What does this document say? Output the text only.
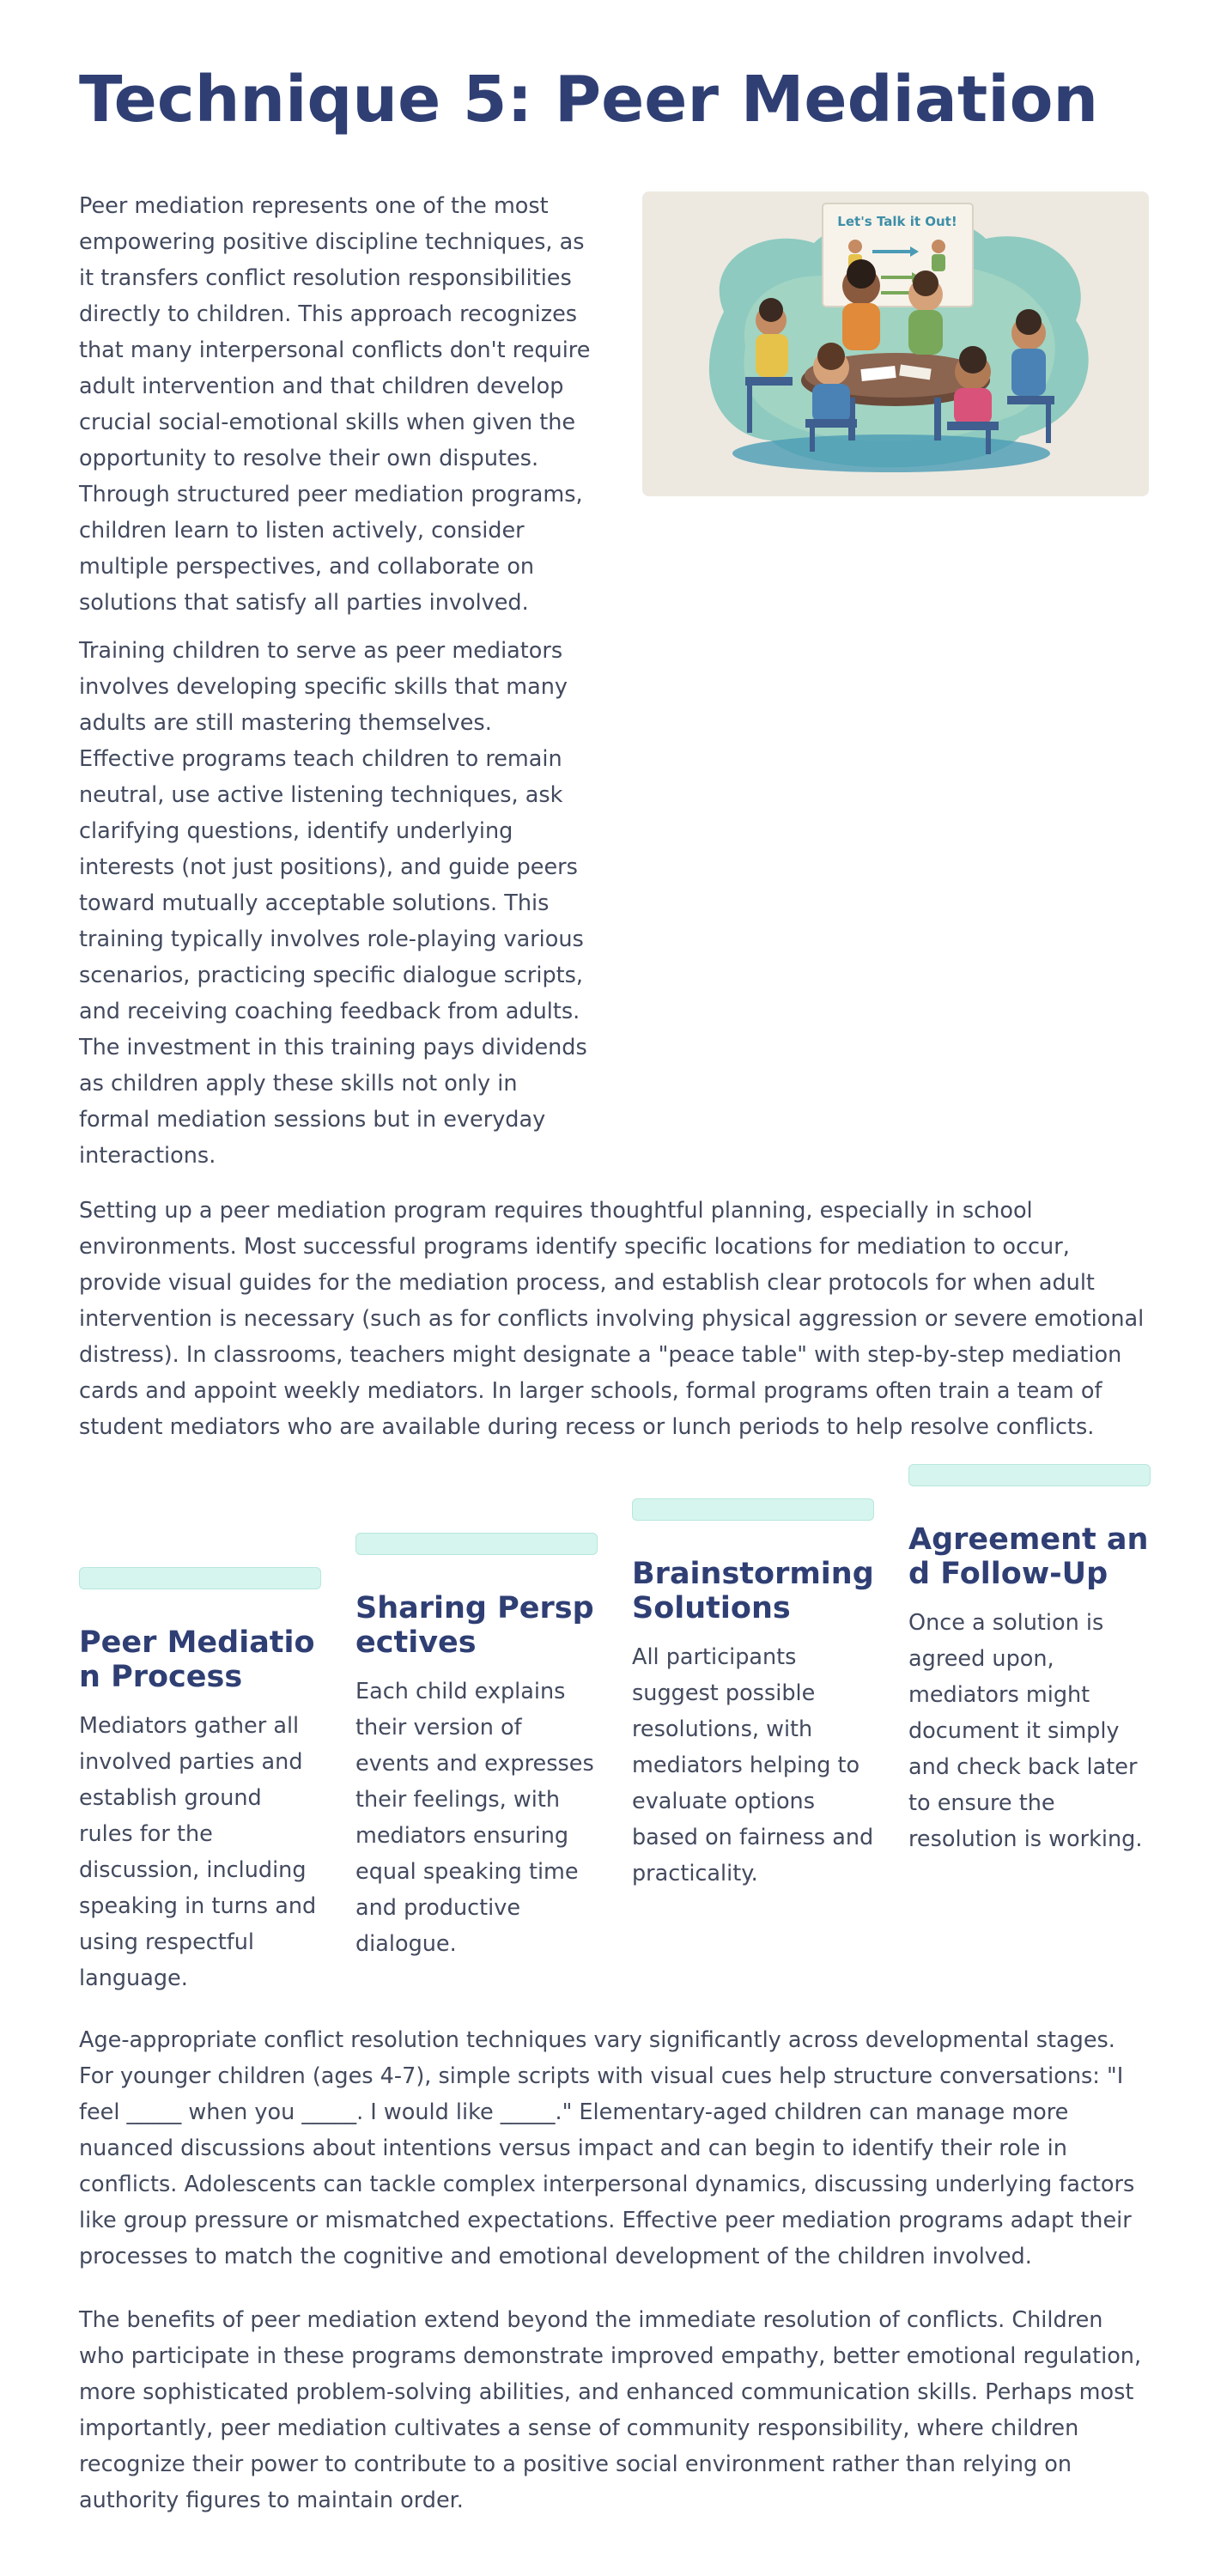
Technique 5: Peer Mediation

Peer mediation represents one of the most empowering positive discipline techniques, as it transfers conflict resolution responsibilities directly to children. This approach recognizes that many interpersonal conflicts don't require adult intervention and that children develop crucial social-emotional skills when given the opportunity to resolve their own disputes. Through structured peer mediation programs, children learn to listen actively, consider multiple perspectives, and collaborate on solutions that satisfy all parties involved.

Training children to serve as peer mediators involves developing specific skills that many adults are still mastering themselves. Effective programs teach children to remain neutral, use active listening techniques, ask clarifying questions, identify underlying interests (not just positions), and guide peers toward mutually acceptable solutions. This training typically involves role-playing various scenarios, practicing specific dialogue scripts, and receiving coaching feedback from adults. The investment in this training pays dividends as children apply these skills not only in formal mediation sessions but in everyday interactions.

Let's Talk it Out!

Setting up a peer mediation program requires thoughtful planning, especially in school environments. Most successful programs identify specific locations for mediation to occur, provide visual guides for the mediation process, and establish clear protocols for when adult intervention is necessary (such as for conflicts involving physical aggression or severe emotional distress). In classrooms, teachers might designate a "peace table" with step-by-step mediation cards and appoint weekly mediators. In larger schools, formal programs often train a team of student mediators who are available during recess or lunch periods to help resolve conflicts.

Peer Mediation Process

Mediators gather all involved parties and establish ground rules for the discussion, including speaking in turns and using respectful language.

Sharing Perspectives

Each child explains their version of events and expresses their feelings, with mediators ensuring equal speaking time and productive dialogue.

Brainstorming Solutions

All participants suggest possible resolutions, with mediators helping to evaluate options based on fairness and practicality.

Agreement and Follow-Up

Once a solution is agreed upon, mediators might document it simply and check back later to ensure the resolution is working.

Age-appropriate conflict resolution techniques vary significantly across developmental stages. For younger children (ages 4-7), simple scripts with visual cues help structure conversations: "I feel _____ when you _____. I would like _____." Elementary-aged children can manage more nuanced discussions about intentions versus impact and can begin to identify their role in conflicts. Adolescents can tackle complex interpersonal dynamics, discussing underlying factors like group pressure or mismatched expectations. Effective peer mediation programs adapt their processes to match the cognitive and emotional development of the children involved.

The benefits of peer mediation extend beyond the immediate resolution of conflicts. Children who participate in these programs demonstrate improved empathy, better emotional regulation, more sophisticated problem-solving abilities, and enhanced communication skills. Perhaps most importantly, peer mediation cultivates a sense of community responsibility, where children recognize their power to contribute to a positive social environment rather than relying on authority figures to maintain order.
